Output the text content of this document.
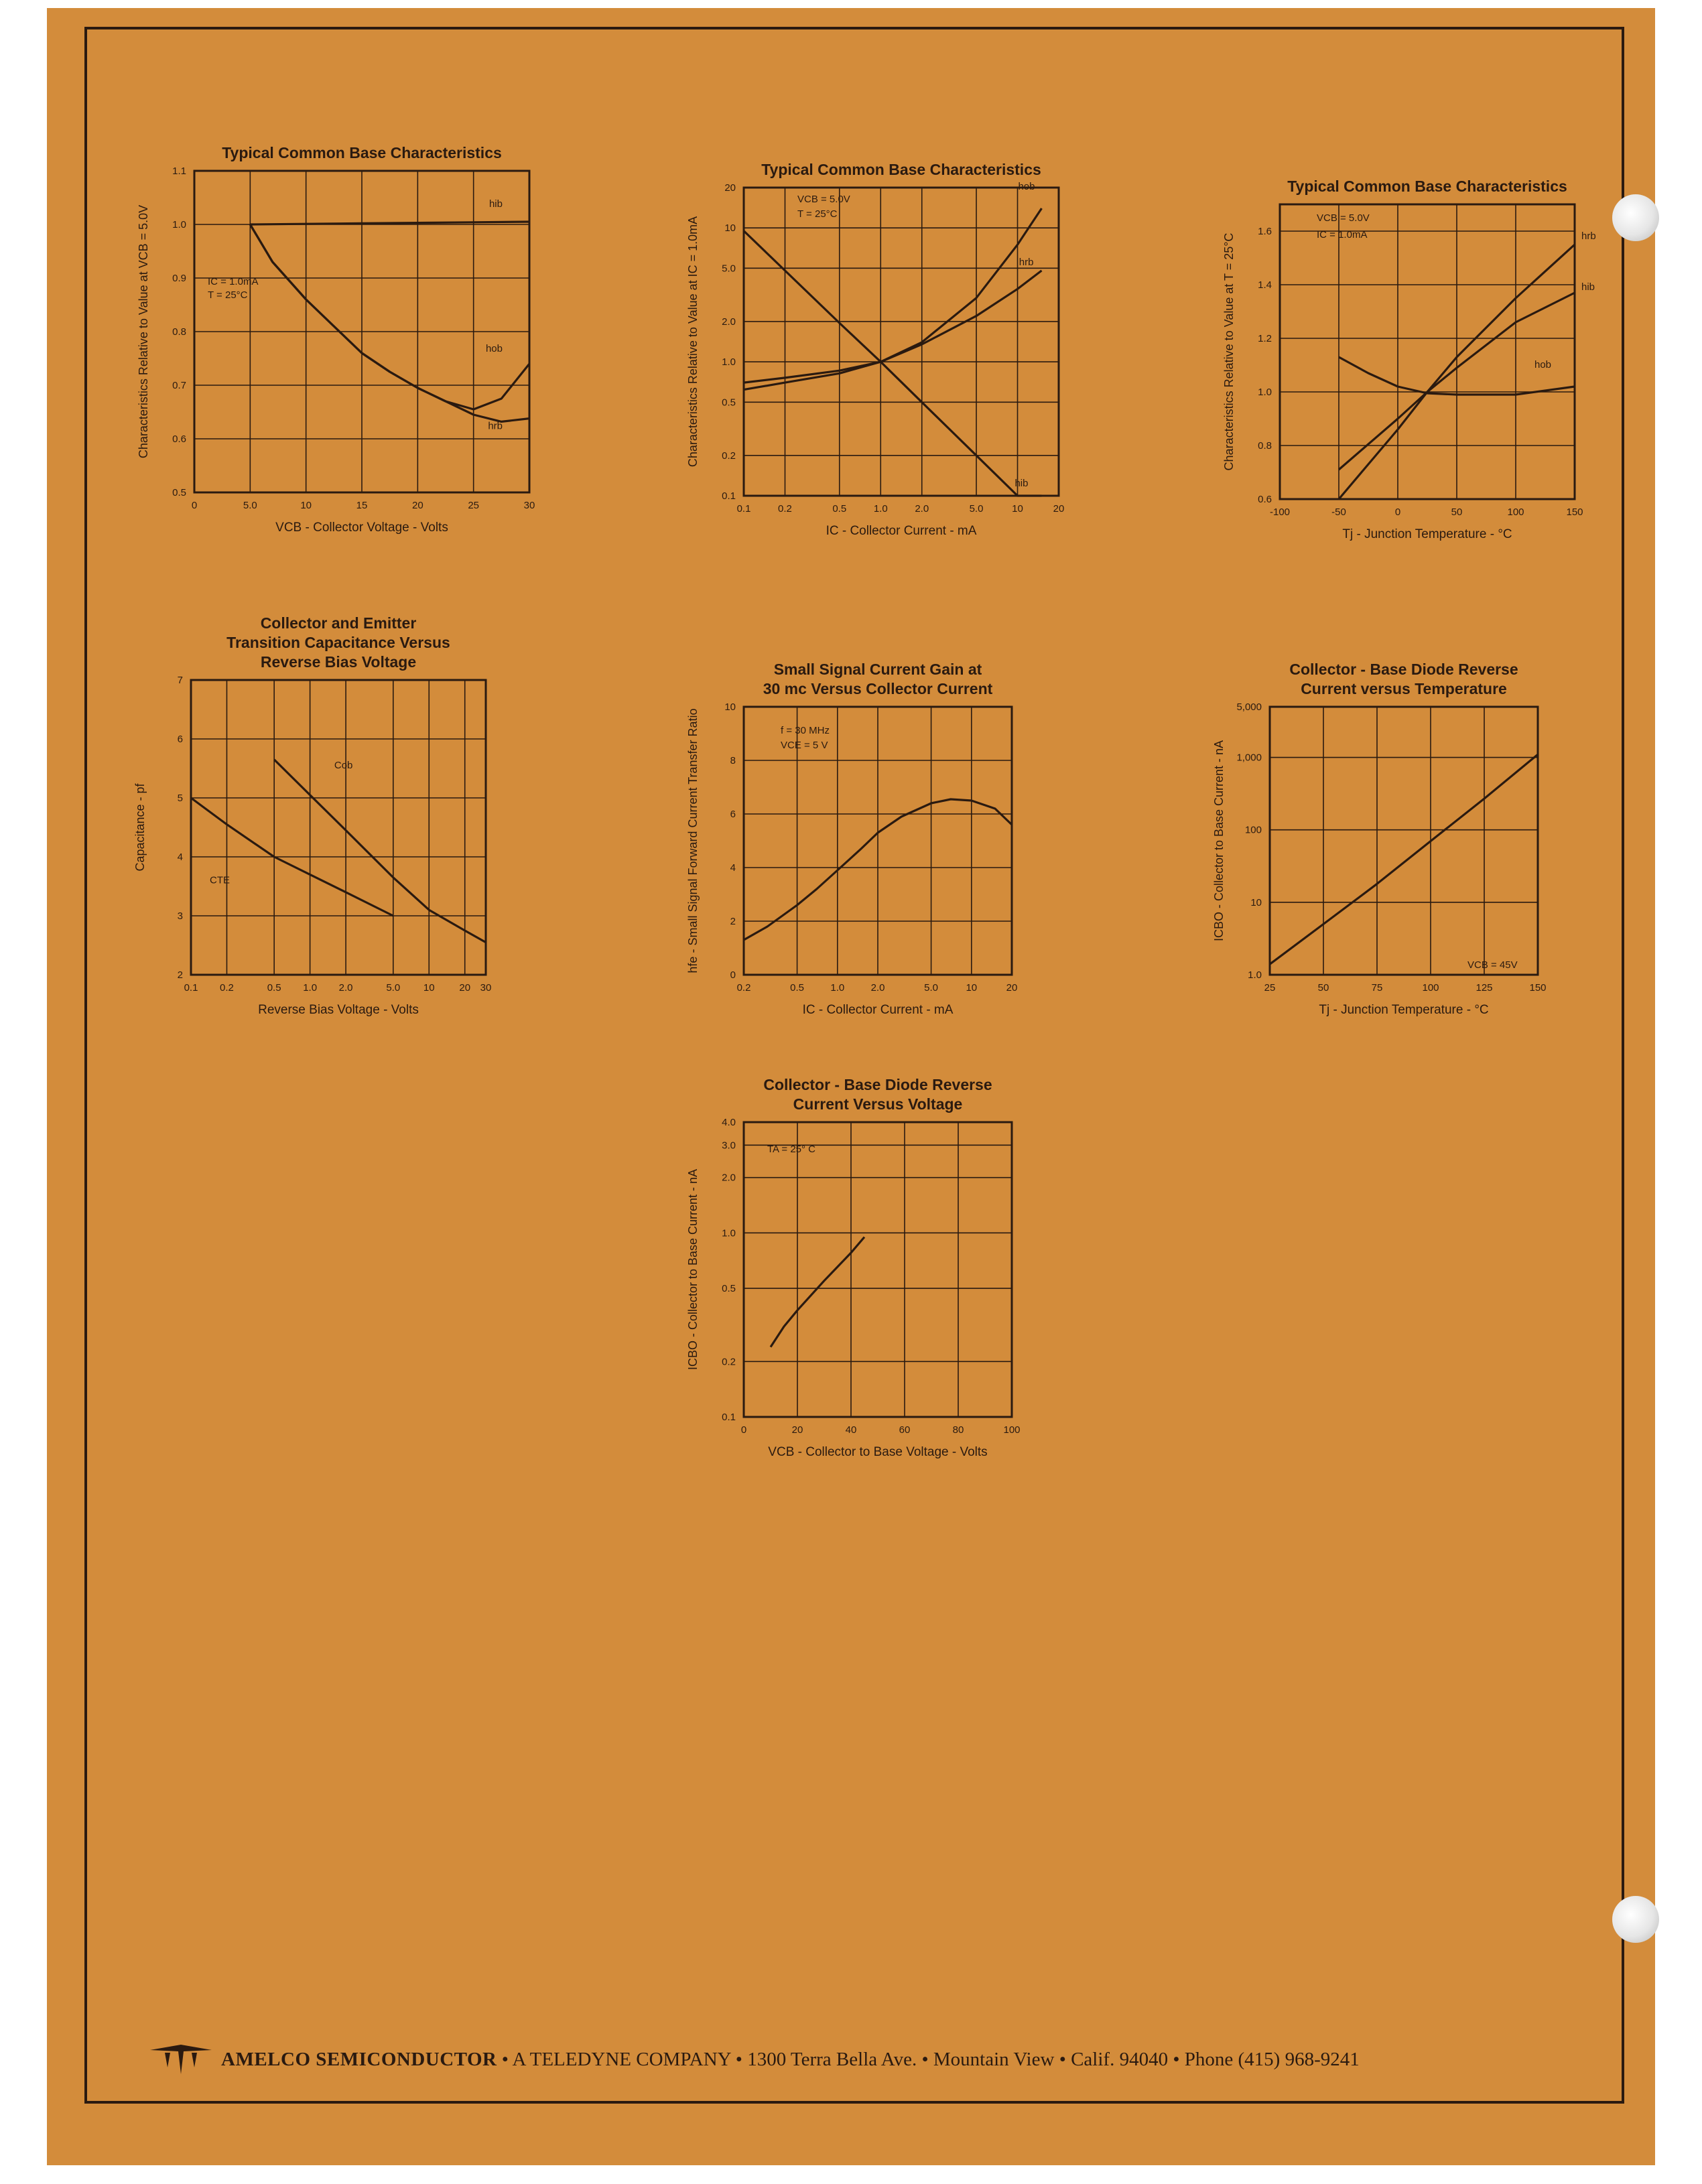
Typical Common Base Characteristics
0	5.0	10	15	20	25	30
0.5
0.6
0.7
0.8
0.9
1.0
1.1
VCB - Collector Voltage - Volts
Characteristics Relative to Value at VCB = 5.0V
hib
hob
hrb
IC = 1.0mA
T = 25°C
Typical Common Base Characteristics
0.1	0.2	0.5	1.0	2.0	5.0	10	20
0.1
0.2
0.5
1.0
2.0
5.0
10
20
IC - Collector Current - mA
Characteristics Relative to Value at IC = 1.0mA
hib
hob
hrb
VCB = 5.0V
T = 25°C
Typical Common Base Characteristics
-100	-50	0	50	100	150
0.6
0.8
1.0
1.2
1.4
1.6
Tj - Junction Temperature - °C
Characteristics Relative to Value at T = 25°C	hob
hrb
hib
VCB = 5.0V
IC = 1.0mA
Collector and Emitter
Transition Capacitance Versus
Reverse Bias Voltage
0.1 0.2	0.5 1.0 2.0	5.0 10 20 30
2
3
4
5
6
7
Reverse Bias Voltage - Volts
Capacitance - pf
Cob
CTE
Small Signal Current Gain at
30 mc Versus Collector Current
0.2	0.5	1.0	2.0	5.0	10	20
0
2
4
6
8
10
IC - Collector Current - mA
hfe - Small Signal Forward Current Transfer Ratio	f = 30 MHz
VCE = 5 V
Collector - Base Diode Reverse
Current versus Temperature
25	50	75	100	125	150
1.0
10
100
1,000
5,000
Tj - Junction Temperature - °C
ICBO - Collector to Base Current - nA
VCB = 45V
Collector - Base Diode Reverse
Current Versus Voltage
0	20	40	60	80	100
0.1
0.2
0.5
1.0
2.0
3.0
4.0
VCB - Collector to Base Voltage - Volts
ICBO - Collector to Base Current - nA
TA = 25° C
AMELCO SEMICONDUCTOR • A TELEDYNE COMPANY • 1300 Terra Bella Ave. • Mountain View • Calif. 94040 • Phone (415) 968-9241
